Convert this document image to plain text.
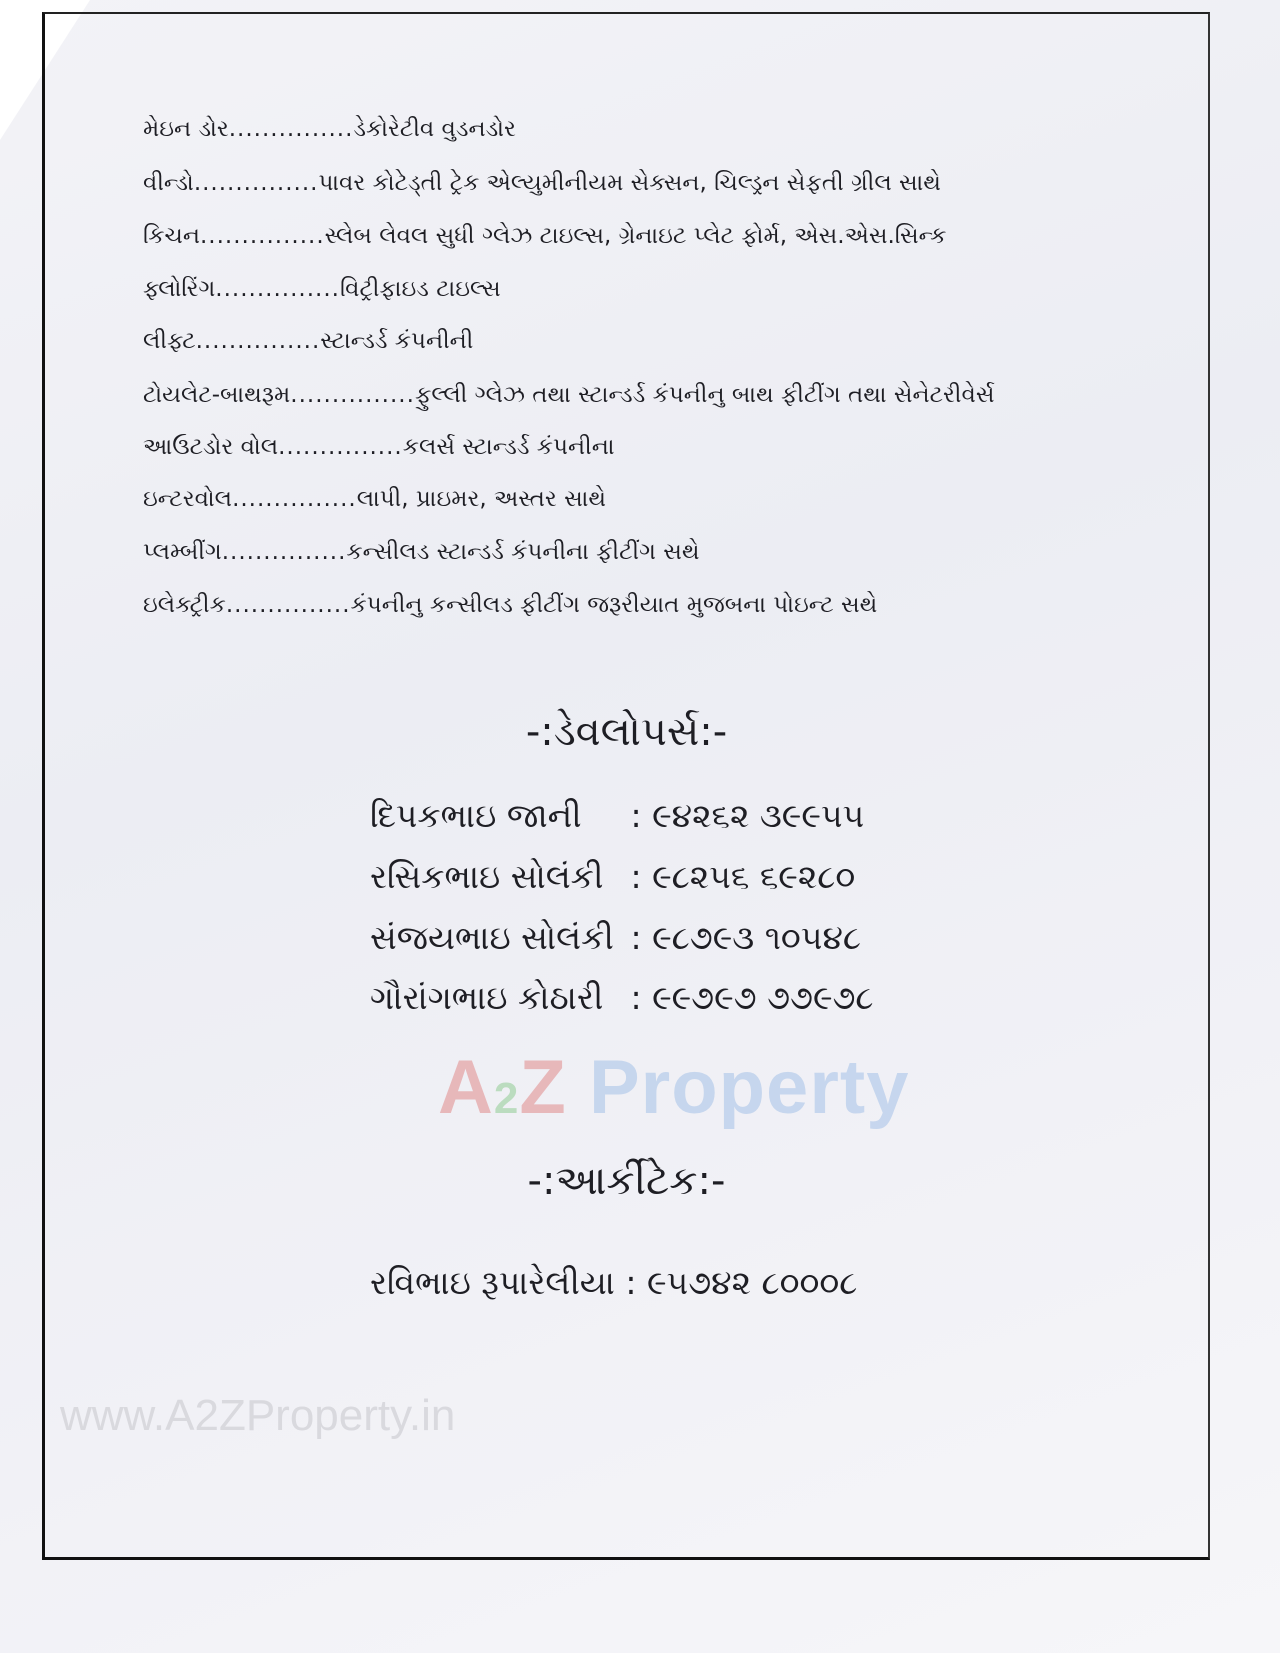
મેઇન ડોર...............ડેકોરેટીવ વુડનડોર
વીન્ડો...............પાવર કોટેડ્તી ટ્રેક એલ્યુમીનીયમ સેક્સન, ચિલ્ડ્રન સેફતી ગ્રીલ સાથે
કિચન...............સ્લેબ લેવલ સુધી ગ્લેઝ ટાઇલ્સ, ગ્રેનાઇટ પ્લેટ ફોર્મ, એસ.એસ.સિન્ક
ફ્લોરિંગ...............વિટ્રીફાઇડ ટાઇલ્સ
લીફ્ટ...............સ્ટાન્ડર્ડ કંપનીની
ટોયલેટ-બાથરૂમ...............ફુલ્લી ગ્લેઝ તથા સ્ટાન્ડર્ડ કંપનીનુ બાથ ફીટીંગ તથા સેનેટરીવેર્સ
આઉટડોર વોલ...............કલર્સ સ્ટાન્ડર્ડ કંપનીના
ઇન્ટરવોલ...............લાપી, પ્રાઇમર, અસ્તર સાથે
પ્લમ્બીંગ...............કન્સીલડ સ્ટાન્ડર્ડ કંપનીના ફીટીંગ સથે
ઇલેક્ટ્રીક...............કંપનીનુ કન્સીલડ ફીટીંગ જરૂરીયાત મુજબના પોઇન્ટ સથે
-:ડેવલોપર્સ:-
દિપકભાઇ જાની : ૯૪૨૬૨ ૩૯૯૫૫
રસિકભાઇ સોલંકી : ૯૮૨૫૬ ૬૯૨૮૦
સંજયભાઇ સોલંકી : ૯૮૭૯૩ ૧૦૫૪૮
ગૌરાંગભાઇ કોઠારી : ૯૯૭૯૭ ૭૭૯૭૮
A2Z Property
-:આર્કીટેક:-
રવિભાઇ રૂપારેલીયા : ૯૫૭૪૨ ૮૦૦૦૮
www.A2ZProperty.in
